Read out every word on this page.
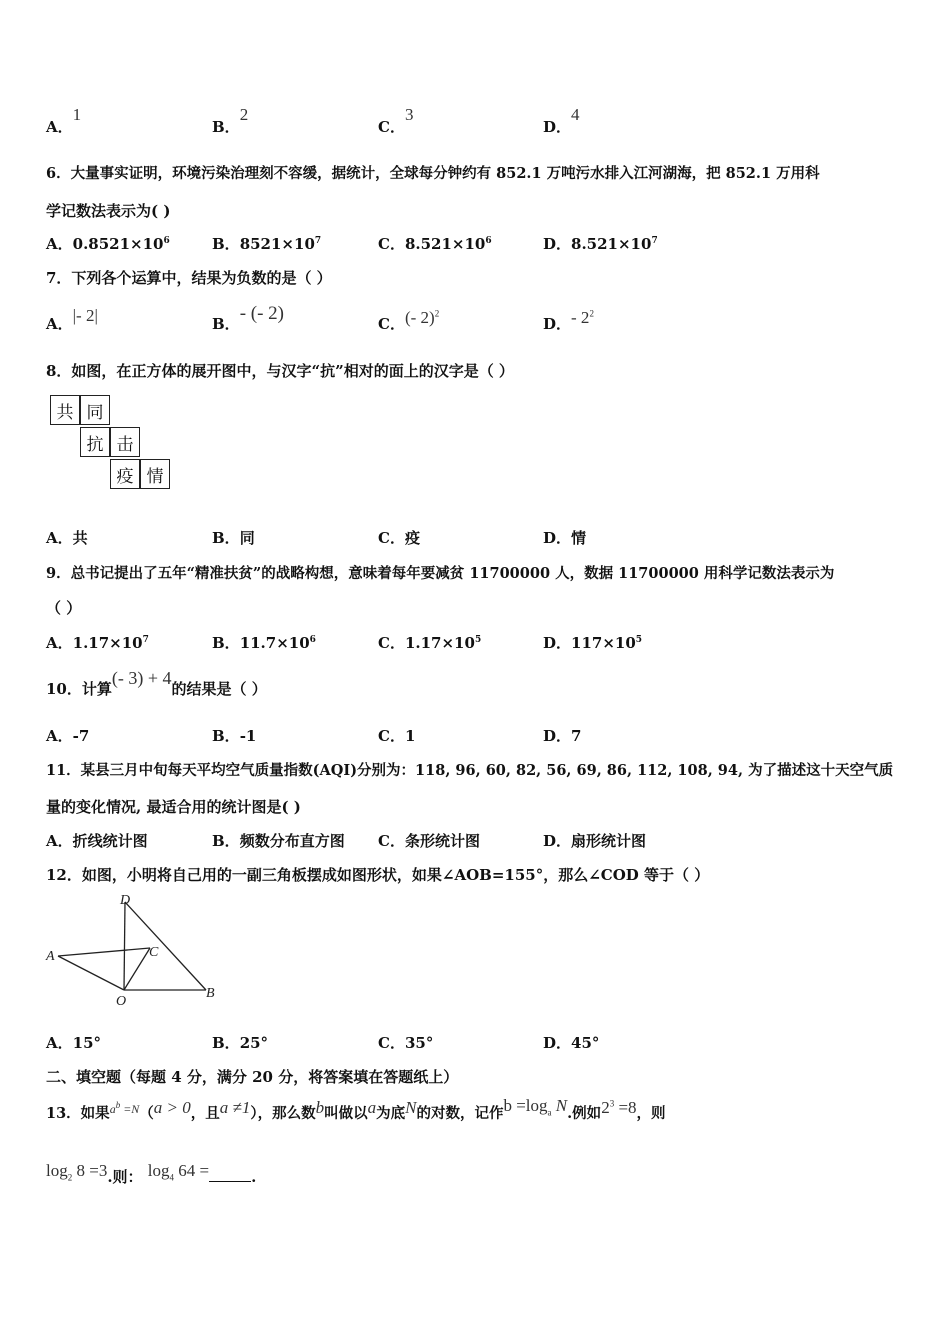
A．1
B．2
C．3
D．4
6．大量事实证明，环境污染治理刻不容缓，据统计，全球每分钟约有 852.1 万吨污水排入江河湖海，把 852.1 万用科
学记数法表示为( )
A．$0.8521\times 10^6$	B．$8521\times 10^7$	C．$8.521\times 10^6$	D．$8.521\times 10^7$
7．下列各个运算中，结果为负数的是（ ）
A．|- 2|	B．- (- 2)	C．(- 2)$^2$
D．- $2^2$
8．如图，在正方体的展开图中，与汉字“抗”相对的面上的汉字是（ ）
共 同
抗 击
疫 情
A．共	B．同	C．疫	D．情
9．总书记提出了五年“精准扶贫”的战略构想，意味着每年要减贫 11700000 人，数据 11700000 用科学记数法表示为
（ ）
A．$1.17\times 10^7$	B．$11.7\times 10^6$	C．$1.17\times 10^5$	D．$117\times 10^5$
10．计算(- 3) + 4的结果是（ ）
A．-7	B．-1	C．1	D．7
11．某县三月中旬每天平均空气质量指数(AQI)分别为：118, 96, 60, 82, 56, 69, 86, 112, 108, 94, 为了描述这十天空气质
量的变化情况, 最适合用的统计图是( )
A．折线统计图	B．频数分布直方图 C．条形统计图	D．扇形统计图
12．如图，小明将自己用的一副三角板摆成如图形状，如果∠AOB=155°，那么∠COD 等于（ ）
A
B
C
D
O
A．15°	B．25°	C．35°	D．45°
二、填空题（每题 4 分，满分 20 分，将答案填在答题纸上）
13．如果$^{a^b =N}$（a > 0，且a ≠1），那么数b叫做以a为底N的对数，记作$b =\log_a$ N.例如$2^3 =8$，则
$\log_2 8 =3$.则： $\log_4 64$ =	.
